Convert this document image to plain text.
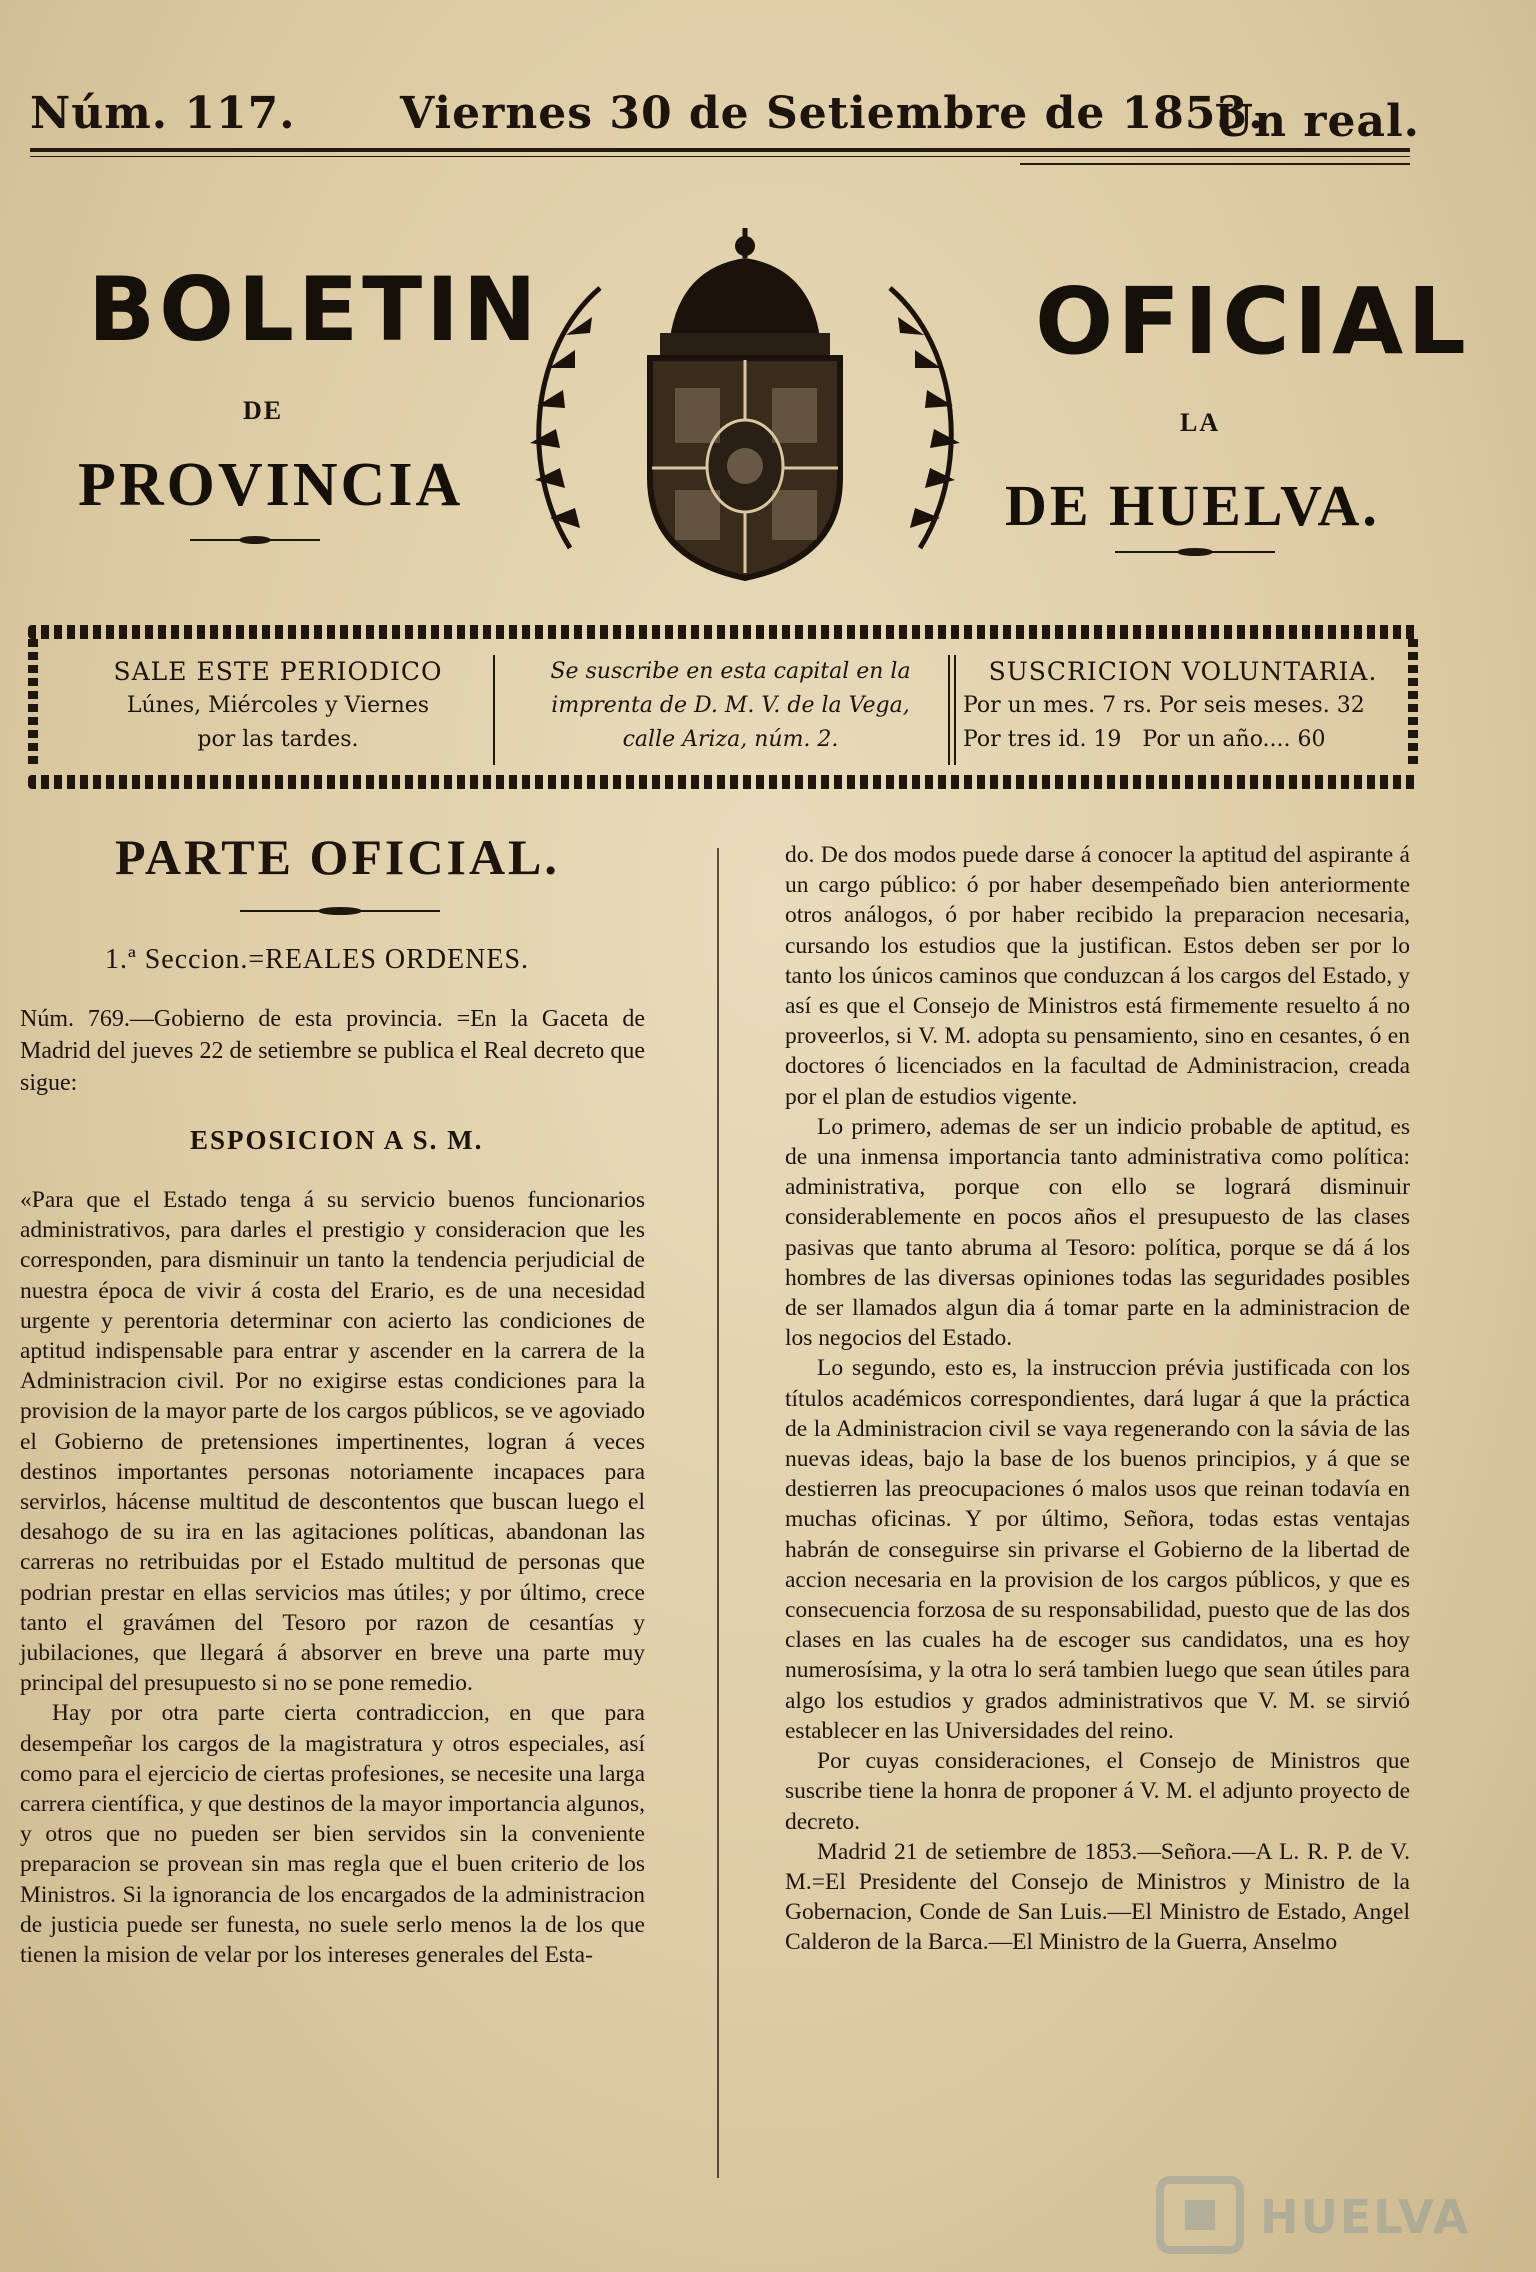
Núm. 117. Viernes 30 de Setiembre de 1853.
Un real.
BOLETIN
DE
PROVINCIA
OFICIAL
LA
DE HUELVA.
SALE ESTE PERIODICO
Lúnes, Miércoles y Viernes
por las tardes.
Se suscribe en esta capital en la
imprenta de D. M. V. de la Vega,
calle Ariza, núm. 2.
SUSCRICION VOLUNTARIA.
Por un mes. 7 rs. Por seis meses. 32
Por tres id. 19   Por un año.... 60
PARTE OFICIAL.
1.ª Seccion.=REALES ORDENES.
Núm. 769.—Gobierno de esta provincia. =En la Gaceta de Madrid del jueves 22 de setiembre se publica el Real decreto que sigue:
ESPOSICION A S. M.

«Para que el Estado tenga á su servicio buenos funcionarios administrativos, para darles el prestigio y consideracion que les corresponden, para disminuir un tanto la tendencia perjudicial de nuestra época de vivir á costa del Erario, es de una necesidad urgente y perentoria determinar con acierto las condiciones de aptitud indispensable para entrar y ascender en la carrera de la Administracion civil. Por no exigirse estas condiciones para la provision de la mayor parte de los cargos públicos, se ve agoviado el Gobierno de pretensiones impertinentes, logran á veces destinos importantes personas notoriamente incapaces para servirlos, hácense multitud de descontentos que buscan luego el desahogo de su ira en las agitaciones políticas, abandonan las carreras no retribuidas por el Estado multitud de personas que podrian prestar en ellas servicios mas útiles; y por último, crece tanto el gravámen del Tesoro por razon de cesantías y jubilaciones, que llegará á absorver en breve una parte muy principal del presupuesto si no se pone remedio.

Hay por otra parte cierta contradiccion, en que para desempeñar los cargos de la magistratura y otros especiales, así como para el ejercicio de ciertas profesiones, se necesite una larga carrera científica, y que destinos de la mayor importancia algunos, y otros que no pueden ser bien servidos sin la conveniente preparacion se provean sin mas regla que el buen criterio de los Ministros. Si la ignorancia de los encargados de la administracion de justicia puede ser funesta, no suele serlo menos la de los que tienen la mision de velar por los intereses generales del Esta-

do. De dos modos puede darse á conocer la aptitud del aspirante á un cargo público: ó por haber desempeñado bien anteriormente otros análogos, ó por haber recibido la preparacion necesaria, cursando los estudios que la justifican. Estos deben ser por lo tanto los únicos caminos que conduzcan á los cargos del Estado, y así es que el Consejo de Ministros está firmemente resuelto á no proveerlos, si V. M. adopta su pensamiento, sino en cesantes, ó en doctores ó licenciados en la facultad de Administracion, creada por el plan de estudios vigente.

Lo primero, ademas de ser un indicio probable de aptitud, es de una inmensa importancia tanto administrativa como política: administrativa, porque con ello se logrará disminuir considerablemente en pocos años el presupuesto de las clases pasivas que tanto abruma al Tesoro: política, porque se dá á los hombres de las diversas opiniones todas las seguridades posibles de ser llamados algun dia á tomar parte en la administracion de los negocios del Estado.

Lo segundo, esto es, la instruccion prévia justificada con los títulos académicos correspondientes, dará lugar á que la práctica de la Administracion civil se vaya regenerando con la sávia de las nuevas ideas, bajo la base de los buenos principios, y á que se destierren las preocupaciones ó malos usos que reinan todavía en muchas oficinas. Y por último, Señora, todas estas ventajas habrán de conseguirse sin privarse el Gobierno de la libertad de accion necesaria en la provision de los cargos públicos, y que es consecuencia forzosa de su responsabilidad, puesto que de las dos clases en las cuales ha de escoger sus candidatos, una es hoy numerosísima, y la otra lo será tambien luego que sean útiles para algo los estudios y grados administrativos que V. M. se sirvió establecer en las Universidades del reino.

Por cuyas consideraciones, el Consejo de Ministros que suscribe tiene la honra de proponer á V. M. el adjunto proyecto de decreto.

Madrid 21 de setiembre de 1853.—Señora.—A L. R. P. de V. M.=El Presidente del Consejo de Ministros y Ministro de la Gobernacion, Conde de San Luis.—El Ministro de Estado, Angel Calderon de la Barca.—El Ministro de la Guerra, Anselmo

HUELVA
